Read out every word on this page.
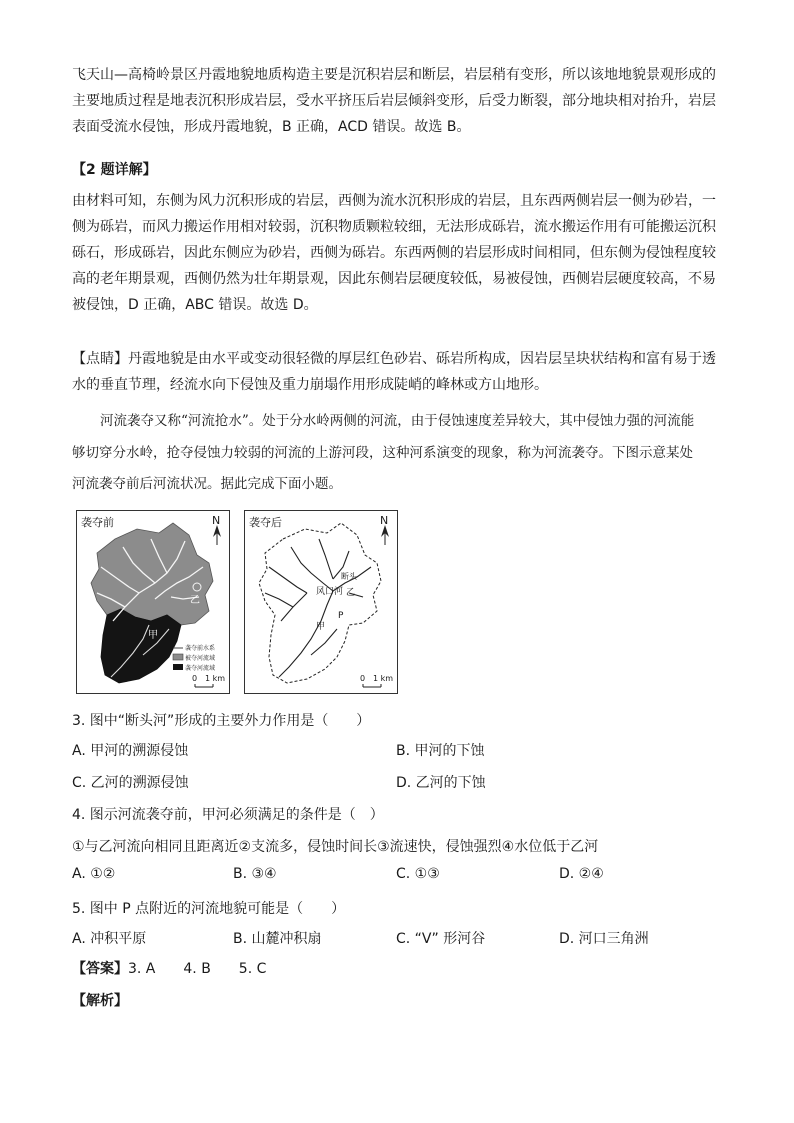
飞天山—高椅岭景区丹霞地貌地质构造主要是沉积岩层和断层，岩层稍有变形，所以该地地貌景观形成的
主要地质过程是地表沉积形成岩层，受水平挤压后岩层倾斜变形，后受力断裂，部分地块相对抬升，岩层
表面受流水侵蚀，形成丹霞地貌，B 正确，ACD 错误。故选 B。
【2 题详解】
由材料可知，东侧为风力沉积形成的岩层，西侧为流水沉积形成的岩层，且东西两侧岩层一侧为砂岩，一
侧为砾岩，而风力搬运作用相对较弱，沉积物质颗粒较细，无法形成砾岩，流水搬运作用有可能搬运沉积
砾石，形成砾岩，因此东侧应为砂岩，西侧为砾岩。东西两侧的岩层形成时间相同，但东侧为侵蚀程度较
高的老年期景观，西侧仍然为壮年期景观，因此东侧岩层硬度较低，易被侵蚀，西侧岩层硬度较高，不易
被侵蚀，D 正确，ABC 错误。故选 D。
【点睛】丹霞地貌是由水平或变动很轻微的厚层红色砂岩、砾岩所构成，因岩层呈块状结构和富有易于透
水的垂直节理，经流水向下侵蚀及重力崩塌作用形成陡峭的峰林或方山地形。
河流袭夺又称“河流抢水”。处于分水岭两侧的河流，由于侵蚀速度差异较大，其中侵蚀力强的河流能
够切穿分水岭，抢夺侵蚀力较弱的河流的上游河段，这种河系演变的现象，称为河流袭夺。下图示意某处
河流袭夺前后河流状况。据此完成下面小题。
袭夺前	N
甲
乙
袭夺前水系
被夺河流域
袭夺河流域
0 1 km
袭夺后	N
风口 河 乙
断头
P
甲
0 1 km
3. 图中“断头河”形成的主要外力作用是（　　）
A. 甲河的溯源侵蚀	B. 甲河的下蚀
C. 乙河的溯源侵蚀	D. 乙河的下蚀
4. 图示河流袭夺前，甲河必须满足的条件是（　）
①与乙河流向相同且距离近②支流多，侵蚀时间长③流速快，侵蚀强烈④水位低于乙河
A. ①②	B. ③④	C. ①③	D. ②④
5. 图中 P 点附近的河流地貌可能是（　　）
A. 冲积平原	B. 山麓冲积扇	C. “V” 形河谷	D. 河口三角洲
【答案】3. A　　4. B　　5. C
【解析】
